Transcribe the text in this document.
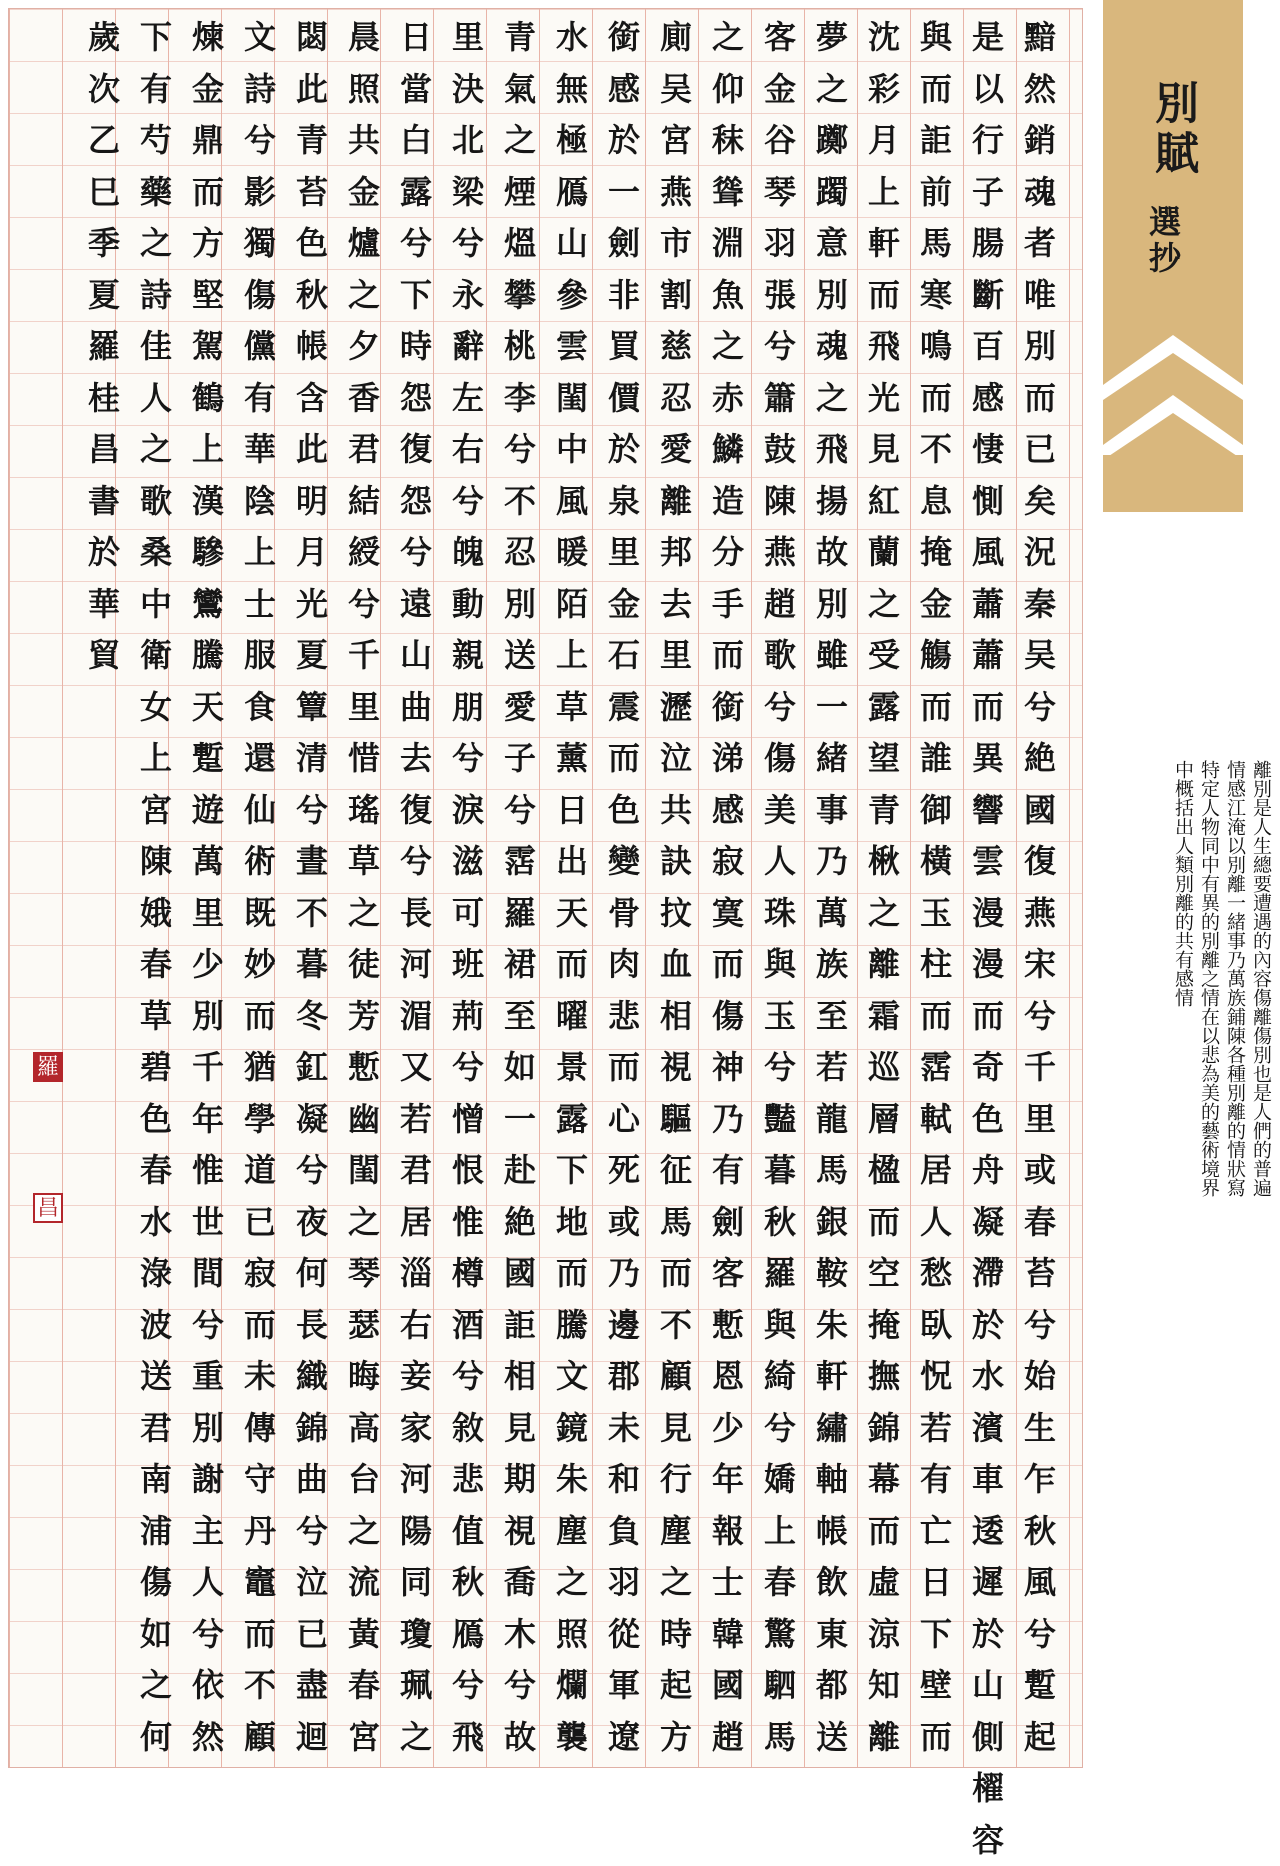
黯
然
銷
魂
者
唯
別
而
已
矣
況
秦
吴
兮
絶
國
復
燕
宋
兮
千
里
或
春
苔
兮
始
生
乍
秋
風
兮
蹔
起
是
以
行
子
腸
斷
百
感
悽
惻
風
蕭
蕭
而
異
響
雲
漫
漫
而
奇
色
舟
凝
滯
於
水
濱
車
逶
遲
於
山
側
櫂
容
與
而
詎
前
馬
寒
鳴
而
不
息
掩
金
觴
而
誰
御
橫
玉
柱
而
霑
軾
居
人
愁
臥
怳
若
有
亡
日
下
壁
而
沈
彩
月
上
軒
而
飛
光
見
紅
蘭
之
受
露
望
青
楸
之
離
霜
巡
層
楹
而
空
掩
撫
錦
幕
而
虛
涼
知
離
夢
之
躑
躅
意
別
魂
之
飛
揚
故
別
雖
一
緒
事
乃
萬
族
至
若
龍
馬
銀
鞍
朱
軒
繡
軸
帳
飲
東
都
送
客
金
谷
琴
羽
張
兮
簫
鼓
陳
燕
趙
歌
兮
傷
美
人
珠
與
玉
兮
豔
暮
秋
羅
與
綺
兮
嬌
上
春
驚
駟
馬
之
仰
秣
聳
淵
魚
之
赤
鱗
造
分
手
而
銜
涕
感
寂
寞
而
傷
神
乃
有
劍
客
慙
恩
少
年
報
士
韓
國
趙
廁
吴
宮
燕
市
割
慈
忍
愛
離
邦
去
里
瀝
泣
共
訣
抆
血
相
視
驅
征
馬
而
不
顧
見
行
塵
之
時
起
方
銜
感
於
一
劍
非
買
價
於
泉
里
金
石
震
而
色
變
骨
肉
悲
而
心
死
或
乃
邊
郡
未
和
負
羽
從
軍
遼
水
無
極
鴈
山
參
雲
閨
中
風
暖
陌
上
草
薰
日
出
天
而
曜
景
露
下
地
而
騰
文
鏡
朱
塵
之
照
爛
襲
青
氣
之
煙
熅
攀
桃
李
兮
不
忍
別
送
愛
子
兮
霑
羅
裙
至
如
一
赴
絶
國
詎
相
見
期
視
喬
木
兮
故
里
決
北
梁
兮
永
辭
左
右
兮
魄
動
親
朋
兮
淚
滋
可
班
荊
兮
憎
恨
惟
樽
酒
兮
敘
悲
值
秋
鴈
兮
飛
日
當
白
露
兮
下
時
怨
復
怨
兮
遠
山
曲
去
復
兮
長
河
湄
又
若
君
居
淄
右
妾
家
河
陽
同
瓊
珮
之
晨
照
共
金
爐
之
夕
香
君
結
綬
兮
千
里
惜
瑤
草
之
徒
芳
慙
幽
閨
之
琴
瑟
晦
高
台
之
流
黃
春
宮
閟
此
青
苔
色
秋
帳
含
此
明
月
光
夏
簟
清
兮
晝
不
暮
冬
釭
凝
兮
夜
何
長
織
錦
曲
兮
泣
已
盡
迴
文
詩
兮
影
獨
傷
儻
有
華
陰
上
士
服
食
還
仙
術
既
妙
而
猶
學
道
已
寂
而
未
傳
守
丹
竈
而
不
顧
煉
金
鼎
而
方
堅
駕
鶴
上
漢
驂
鸞
騰
天
蹔
遊
萬
里
少
別
千
年
惟
世
間
兮
重
別
謝
主
人
兮
依
然
下
有
芍
藥
之
詩
佳
人
之
歌
桑
中
衛
女
上
宮
陳
娥
春
草
碧
色
春
水
淥
波
送
君
南
浦
傷
如
之
何
歲
次
乙
巳
季
夏
羅
桂
昌
書
於
華
貿
羅
昌
別賦
選抄
離別是人生總要遭遇的內容傷離傷別也是人們的普遍情感江淹以別離一緒事乃萬族鋪陳各種別離的情狀寫特定人物同中有異的別離之情在以悲為美的藝術境界中概括出人類別離的共有感情
